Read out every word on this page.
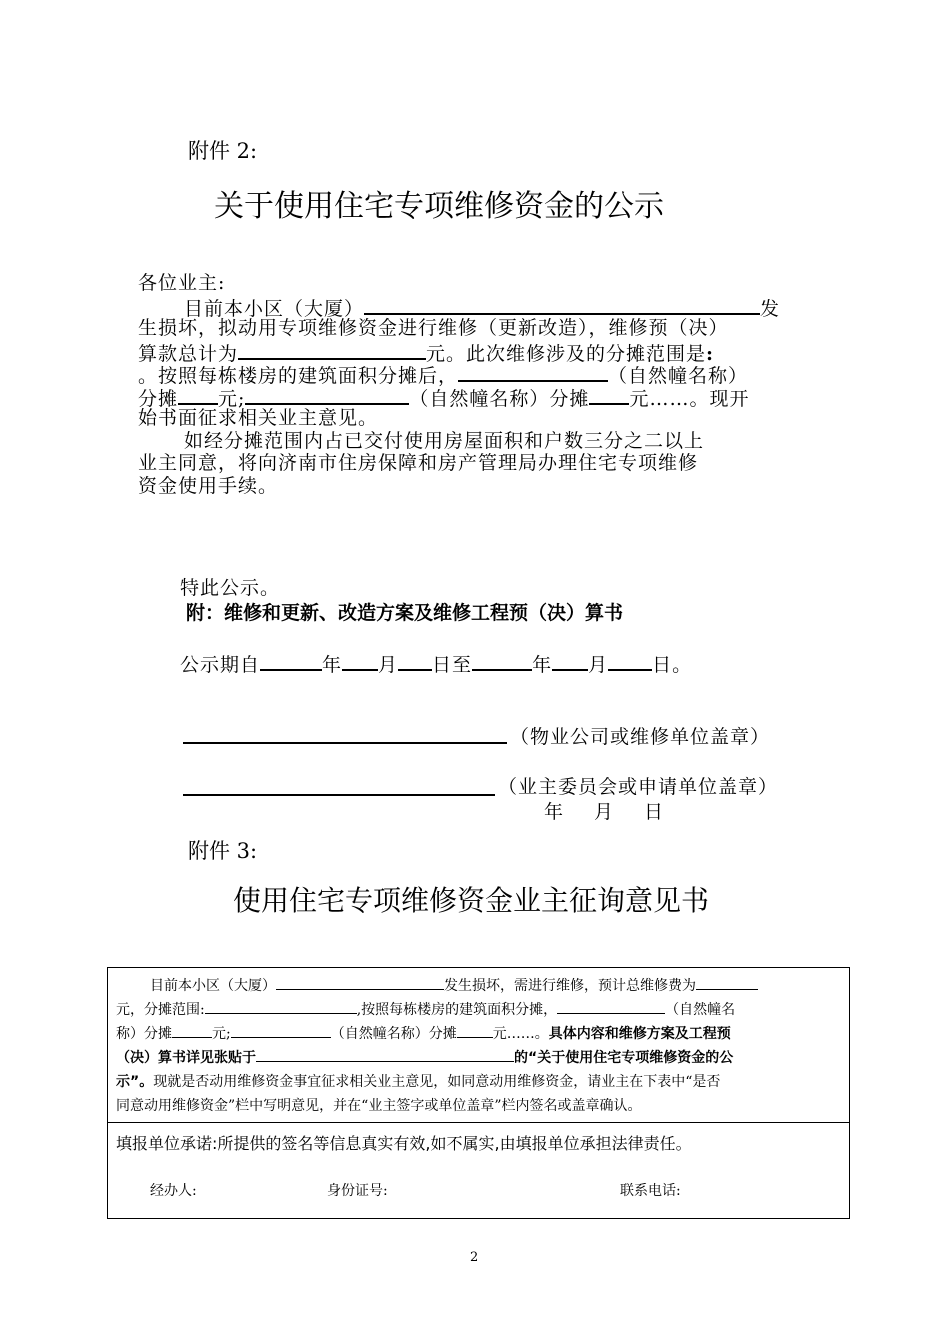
附件 2:
关于使用住宅专项维修资金的公示
各位业主:
目前本小区（大厦）	发
生损坏，拟动用专项维修资金进行维修（更新改造），维修预（决）
算款总计为	元。此次维修涉及的分摊范围是:
。按照每栋楼房的建筑面积分摊后，	（自然幢名称）
分摊 元;	（自然幢名称）分摊 元……。现开
始书面征求相关业主意见。
如经分摊范围内占已交付使用房屋面积和户数三分之二以上
业主同意，将向济南市住房保障和房产管理局办理住宅专项维修
资金使用手续。
特此公示。
附：维修和更新、改造方案及维修工程预（决）算书
公示期自	年 月 日至	年 月 日。
（物业公司或维修单位盖章）
（业主委员会或申请单位盖章）
年　月　日
附件 3:
使用住宅专项维修资金业主征询意见书
目前本小区（大厦）	发生损坏，需进行维修，预计总维修费为
元，分摊范围:	,按照每栋楼房的建筑面积分摊，	（自然幢名
称）分摊	元;	（自然幢名称）分摊	元……。具体内容和维修方案及工程预
（决）算书详见张贴于	的“关于使用住宅专项维修资金的公
示”。现就是否动用维修资金事宜征求相关业主意见，如同意动用维修资金，请业主在下表中“是否
同意动用维修资金”栏中写明意见，并在“业主签字或单位盖章”栏内签名或盖章确认。
填报单位承诺:所提供的签名等信息真实有效,如不属实,由填报单位承担法律责任。
经办人:	身份证号:	联系电话:
2
